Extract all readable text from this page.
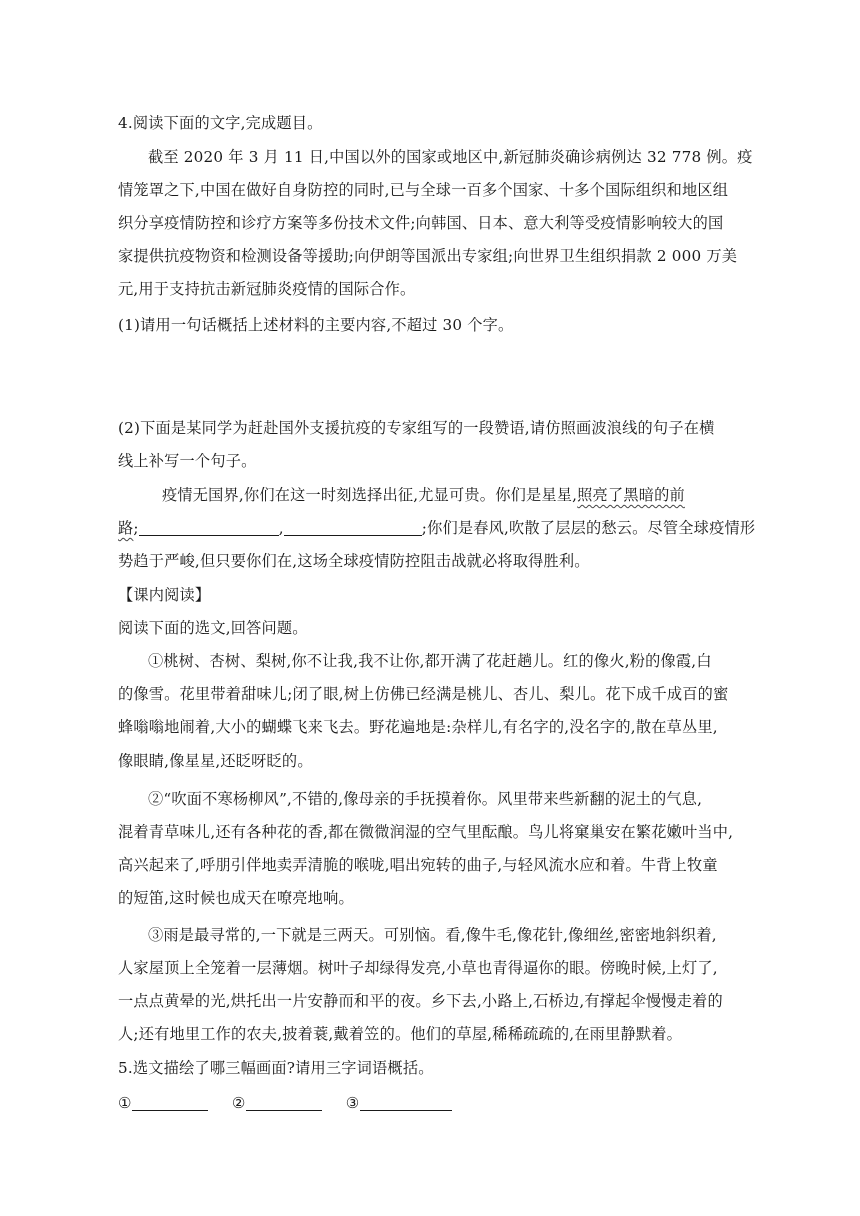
4.阅读下面的文字,完成题目。
截至 2020 年 3 月 11 日,中国以外的国家或地区中,新冠肺炎确诊病例达 32 778 例。疫
情笼罩之下,中国在做好自身防控的同时,已与全球一百多个国家、十多个国际组织和地区组
织分享疫情防控和诊疗方案等多份技术文件;向韩国、日本、意大利等受疫情影响较大的国
家提供抗疫物资和检测设备等援助;向伊朗等国派出专家组;向世界卫生组织捐款 2 000 万美
元,用于支持抗击新冠肺炎疫情的国际合作。
(1)请用一句话概括上述材料的主要内容,不超过 30 个字。
(2)下面是某同学为赶赴国外支援抗疫的专家组写的一段赞语,请仿照画波浪线的句子在横
线上补写一个句子。
疫情无国界,你们在这一时刻选择出征,尤显可贵。你们是星星,照亮了黑暗的前
路;	,	;你们是春风,吹散了层层的愁云。尽管全球疫情形
势趋于严峻,但只要你们在,这场全球疫情防控阻击战就必将取得胜利。
【课内阅读】
阅读下面的选文,回答问题。
①桃树、杏树、梨树,你不让我,我不让你,都开满了花赶趟儿。红的像火,粉的像霞,白
的像雪。花里带着甜味儿;闭了眼,树上仿佛已经满是桃儿、杏儿、梨儿。花下成千成百的蜜
蜂嗡嗡地闹着,大小的蝴蝶飞来飞去。野花遍地是:杂样儿,有名字的,没名字的,散在草丛里,
像眼睛,像星星,还眨呀眨的。
②“吹面不寒杨柳风”,不错的,像母亲的手抚摸着你。风里带来些新翻的泥土的气息,
混着青草味儿,还有各种花的香,都在微微润湿的空气里酝酿。鸟儿将窠巢安在繁花嫩叶当中,
高兴起来了,呼朋引伴地卖弄清脆的喉咙,唱出宛转的曲子,与轻风流水应和着。牛背上牧童
的短笛,这时候也成天在嘹亮地响。
③雨是最寻常的,一下就是三两天。可别恼。看,像牛毛,像花针,像细丝,密密地斜织着,
人家屋顶上全笼着一层薄烟。树叶子却绿得发亮,小草也青得逼你的眼。傍晚时候,上灯了,
一点点黄晕的光,烘托出一片安静而和平的夜。乡下去,小路上,石桥边,有撑起伞慢慢走着的
人;还有地里工作的农夫,披着蓑,戴着笠的。他们的草屋,稀稀疏疏的,在雨里静默着。
5.选文描绘了哪三幅画面?请用三字词语概括。
①	②	③
